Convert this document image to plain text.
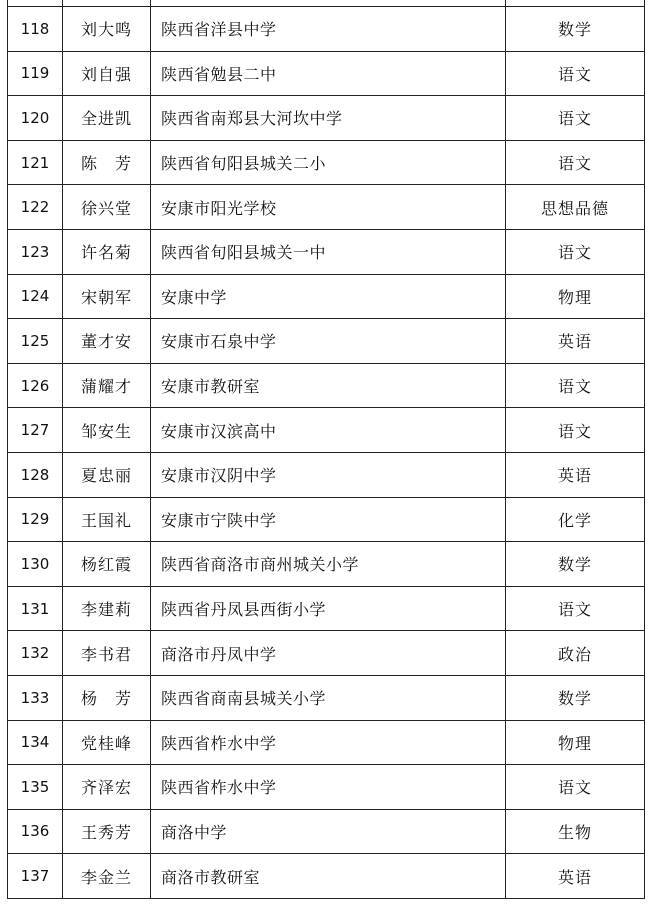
118	刘大鸣	陕西省洋县中学	数学
119	刘自强	陕西省勉县二中	语文
120	全进凯	陕西省南郑县大河坎中学	语文
121	陈　芳	陕西省旬阳县城关二小	语文
122	徐兴堂	安康市阳光学校	思想品德
123	许名菊	陕西省旬阳县城关一中	语文
124	宋朝军	安康中学	物理
125	董才安	安康市石泉中学	英语
126	蒲耀才	安康市教研室	语文
127	邹安生	安康市汉滨高中	语文
128	夏忠丽	安康市汉阴中学	英语
129	王国礼	安康市宁陕中学	化学
130	杨红霞	陕西省商洛市商州城关小学	数学
131	李建莉	陕西省丹凤县西街小学	语文
132	李书君	商洛市丹凤中学	政治
133	杨　芳	陕西省商南县城关小学	数学
134	党桂峰	陕西省柞水中学	物理
135	齐泽宏	陕西省柞水中学	语文
136	王秀芳	商洛中学	生物
137	李金兰	商洛市教研室	英语
